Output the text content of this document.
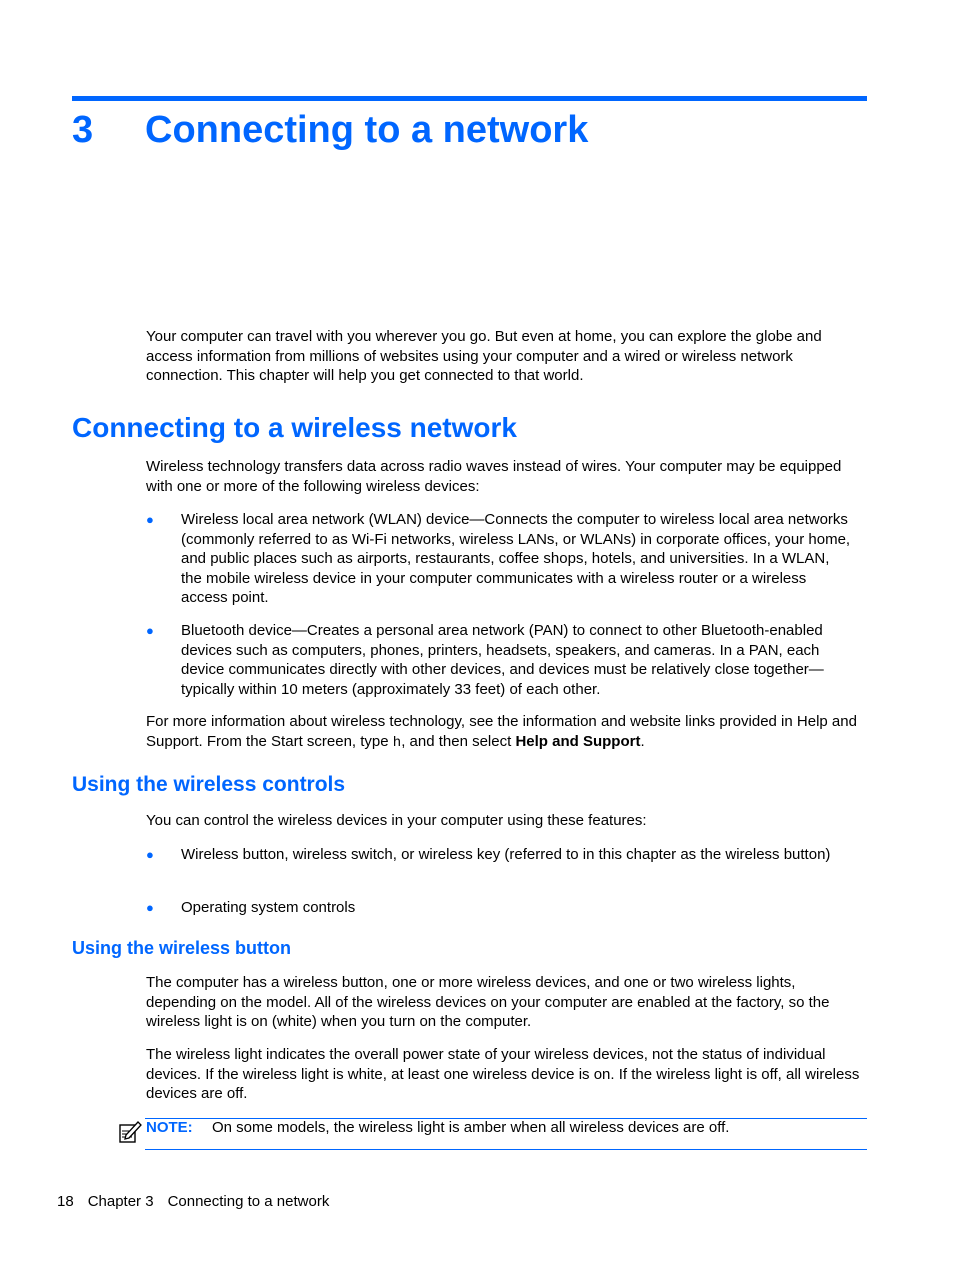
3 Connecting to a network

Your computer can travel with you wherever you go. But even at home, you can explore the globe and access information from millions of websites using your computer and a wired or wireless network connection. This chapter will help you get connected to that world.

Connecting to a wireless network

Wireless technology transfers data across radio waves instead of wires. Your computer may be equipped with one or more of the following wireless devices:

● Wireless local area network (WLAN) device—Connects the computer to wireless local area networks (commonly referred to as Wi-Fi networks, wireless LANs, or WLANs) in corporate offices, your home, and public places such as airports, restaurants, coffee shops, hotels, and universities. In a WLAN, the mobile wireless device in your computer communicates with a wireless router or a wireless access point.

● Bluetooth device—Creates a personal area network (PAN) to connect to other Bluetooth-enabled devices such as computers, phones, printers, headsets, speakers, and cameras. In a PAN, each device communicates directly with other devices, and devices must be relatively close together—typically within 10 meters (approximately 33 feet) of each other.

For more information about wireless technology, see the information and website links provided in Help and Support. From the Start screen, type h, and then select Help and Support.

Using the wireless controls

You can control the wireless devices in your computer using these features:

● Wireless button, wireless switch, or wireless key (referred to in this chapter as the wireless button)

● Operating system controls

Using the wireless button

The computer has a wireless button, one or more wireless devices, and one or two wireless lights, depending on the model. All of the wireless devices on your computer are enabled at the factory, so the wireless light is on (white) when you turn on the computer.

The wireless light indicates the overall power state of your wireless devices, not the status of individual devices. If the wireless light is white, at least one wireless device is on. If the wireless light is off, all wireless devices are off.

NOTE: On some models, the wireless light is amber when all wireless devices are off.
18 Chapter 3 Connecting to a network
